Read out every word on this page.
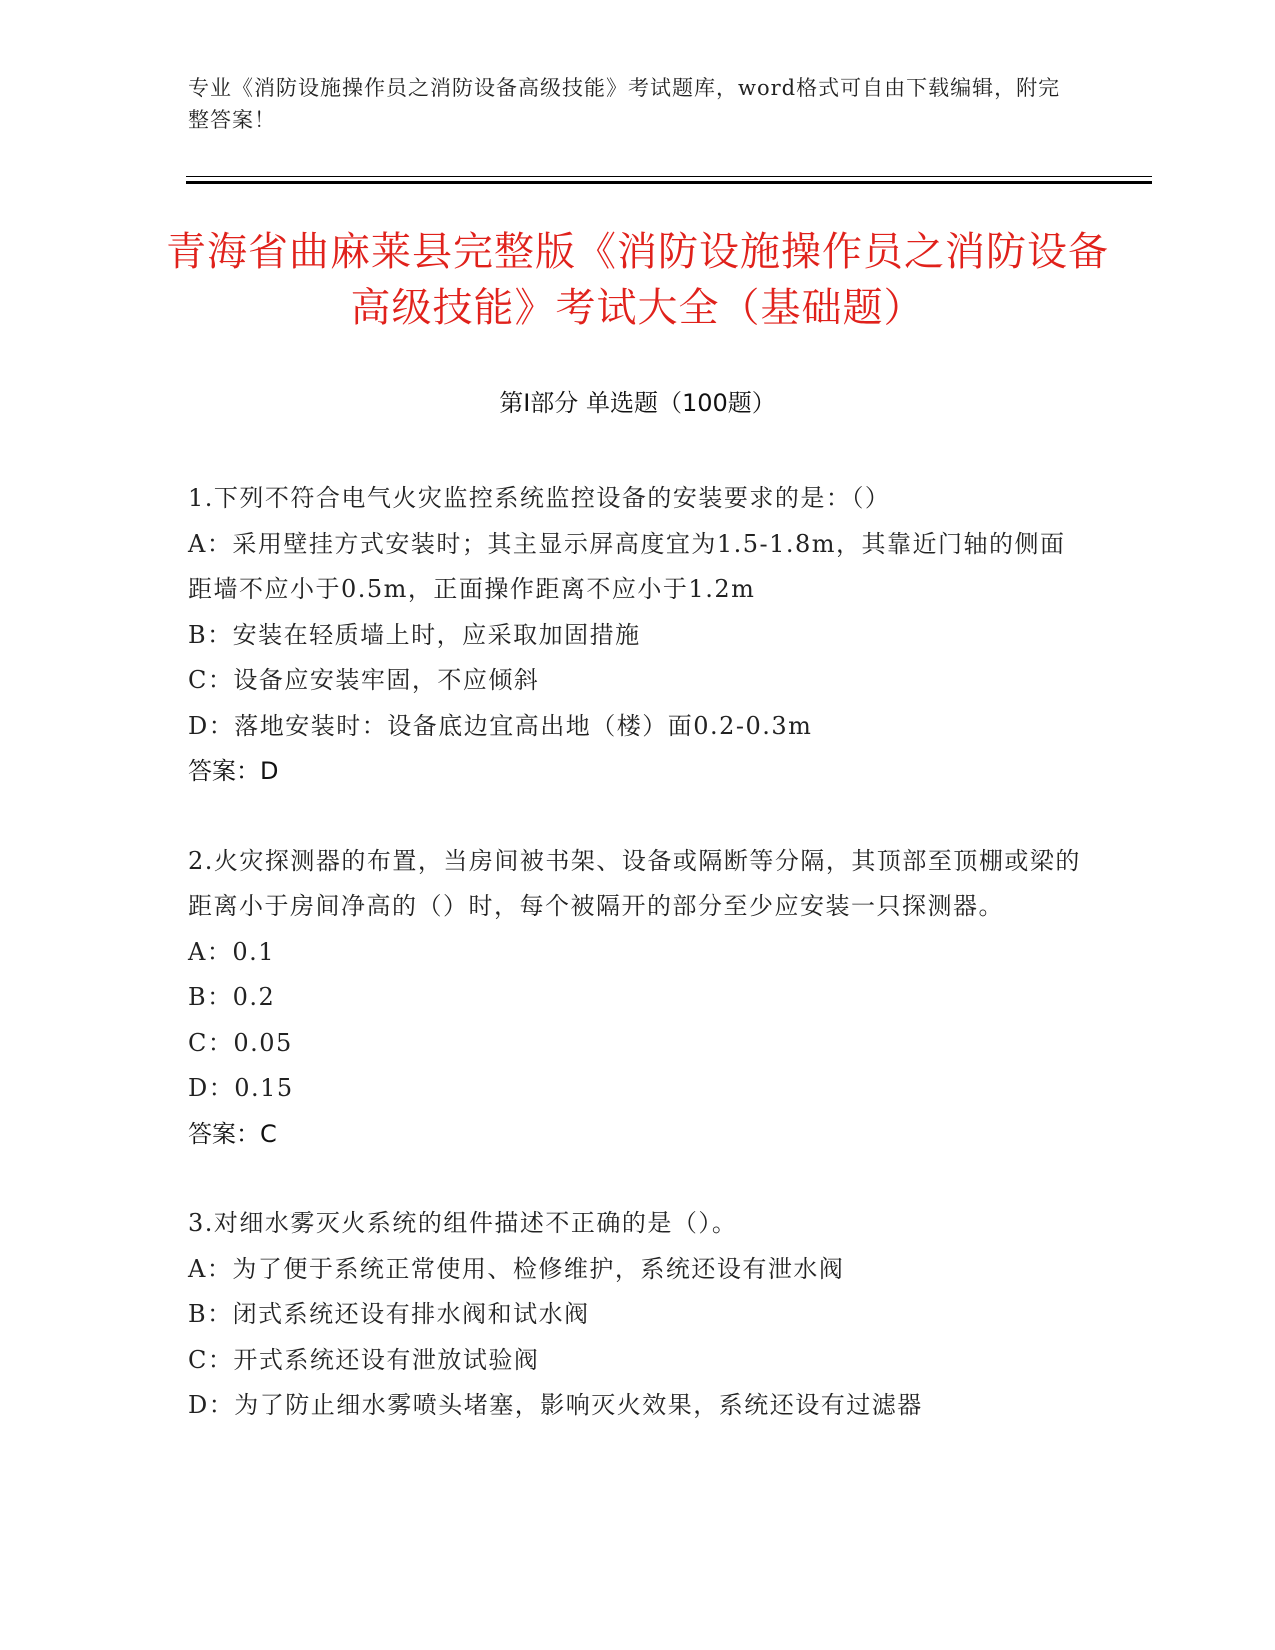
专业《消防设施操作员之消防设备高级技能》考试题库，word格式可自由下载编辑，附完整答案！
青海省曲麻莱县完整版《消防设施操作员之消防设备高级技能》考试大全（基础题）
第I部分 单选题（100题）
1.下列不符合电气火灾监控系统监控设备的安装要求的是：（）
A：采用壁挂方式安装时；其主显示屏高度宜为1.5-1.8m，其靠近门轴的侧面距墙不应小于0.5m，正面操作距离不应小于1.2m
B：安装在轻质墙上时，应采取加固措施
C：设备应安装牢固，不应倾斜
D：落地安装时：设备底边宜高出地（楼）面0.2-0.3m
答案：D
2.火灾探测器的布置，当房间被书架、设备或隔断等分隔，其顶部至顶棚或梁的距离小于房间净高的（）时，每个被隔开的部分至少应安装一只探测器。
A：0.1
B：0.2
C：0.05
D：0.15
答案：C
3.对细水雾灭火系统的组件描述不正确的是（）。
A：为了便于系统正常使用、检修维护，系统还设有泄水阀
B：闭式系统还设有排水阀和试水阀
C：开式系统还设有泄放试验阀
D：为了防止细水雾喷头堵塞，影响灭火效果，系统还设有过滤器
